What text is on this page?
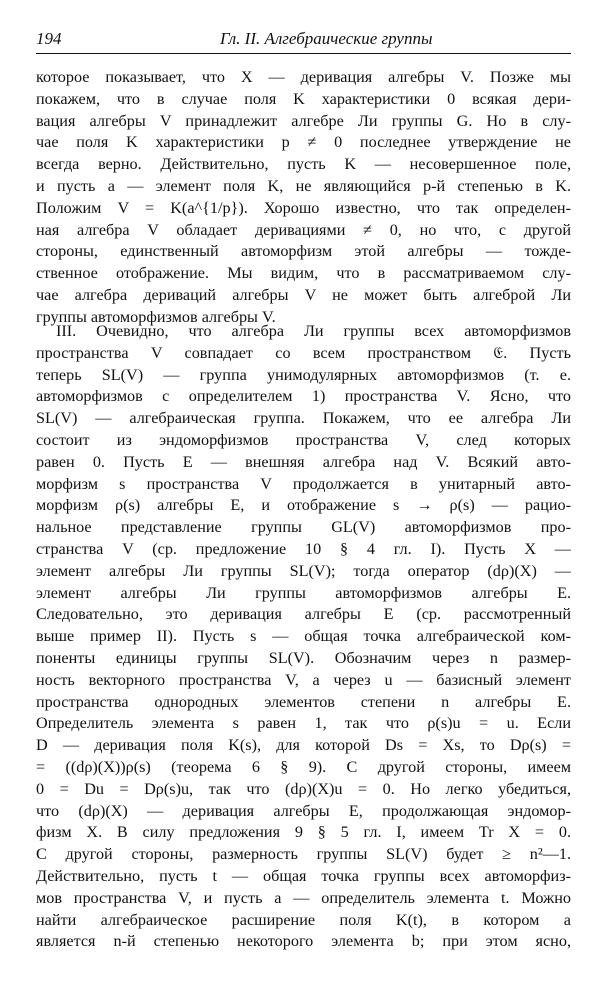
194	Гл. II. Алгебраические группы
которое показывает, что X — деривация алгебры V. Позже мы
покажем, что в случае поля K характеристики 0 всякая дери-
вация алгебры V принадлежит алгебре Ли группы G. Но в слу-
чае поля K характеристики p ≠ 0 последнее утверждение не
всегда верно. Действительно, пусть K — несовершенное поле,
и пусть a — элемент поля K, не являющийся p-й степенью в K.
Положим V = K(a^{1/p}). Хорошо известно, что так определен-
ная алгебра V обладает деривациями ≠ 0, но что, с другой
стороны, единственный автоморфизм этой алгебры — тожде-
ственное отображение. Мы видим, что в рассматриваемом слу-
чае алгебра дериваций алгебры V не может быть алгеброй Ли
группы автоморфизмов алгебры V.
III. Очевидно, что алгебра Ли группы всех автоморфизмов
пространства V совпадает со всем пространством 𝔈. Пусть
теперь SL(V) — группа унимодулярных автоморфизмов (т. е.
автоморфизмов с определителем 1) пространства V. Ясно, что
SL(V) — алгебраическая группа. Покажем, что ее алгебра Ли
состоит из эндоморфизмов пространства V, след которых
равен 0. Пусть E — внешняя алгебра над V. Всякий авто-
морфизм s пространства V продолжается в унитарный авто-
морфизм ρ(s) алгебры E, и отображение s → ρ(s) — рацио-
нальное представление группы GL(V) автоморфизмов про-
странства V (ср. предложение 10 § 4 гл. I). Пусть X —
элемент алгебры Ли группы SL(V); тогда оператор (dρ)(X) —
элемент алгебры Ли группы автоморфизмов алгебры E.
Следовательно, это деривация алгебры E (ср. рассмотренный
выше пример II). Пусть s — общая точка алгебраической ком-
поненты единицы группы SL(V). Обозначим через n размер-
ность векторного пространства V, а через u — базисный элемент
пространства однородных элементов степени n алгебры E.
Определитель элемента s равен 1, так что ρ(s)u = u. Если
D — деривация поля K(s), для которой Ds = Xs, то Dρ(s) =
= ((dρ)(X))ρ(s) (теорема 6 § 9). С другой стороны, имеем
0 = Du = Dρ(s)u, так что (dρ)(X)u = 0. Но легко убедиться,
что (dρ)(X) — деривация алгебры E, продолжающая эндомор-
физм X. В силу предложения 9 § 5 гл. I, имеем Tr X = 0.
С другой стороны, размерность группы SL(V) будет ≥ n²—1.
Действительно, пусть t — общая точка группы всех автоморфиз-
мов пространства V, и пусть a — определитель элемента t. Можно
найти алгебраическое расширение поля K(t), в котором a
является n-й степенью некоторого элемента b; при этом ясно,
